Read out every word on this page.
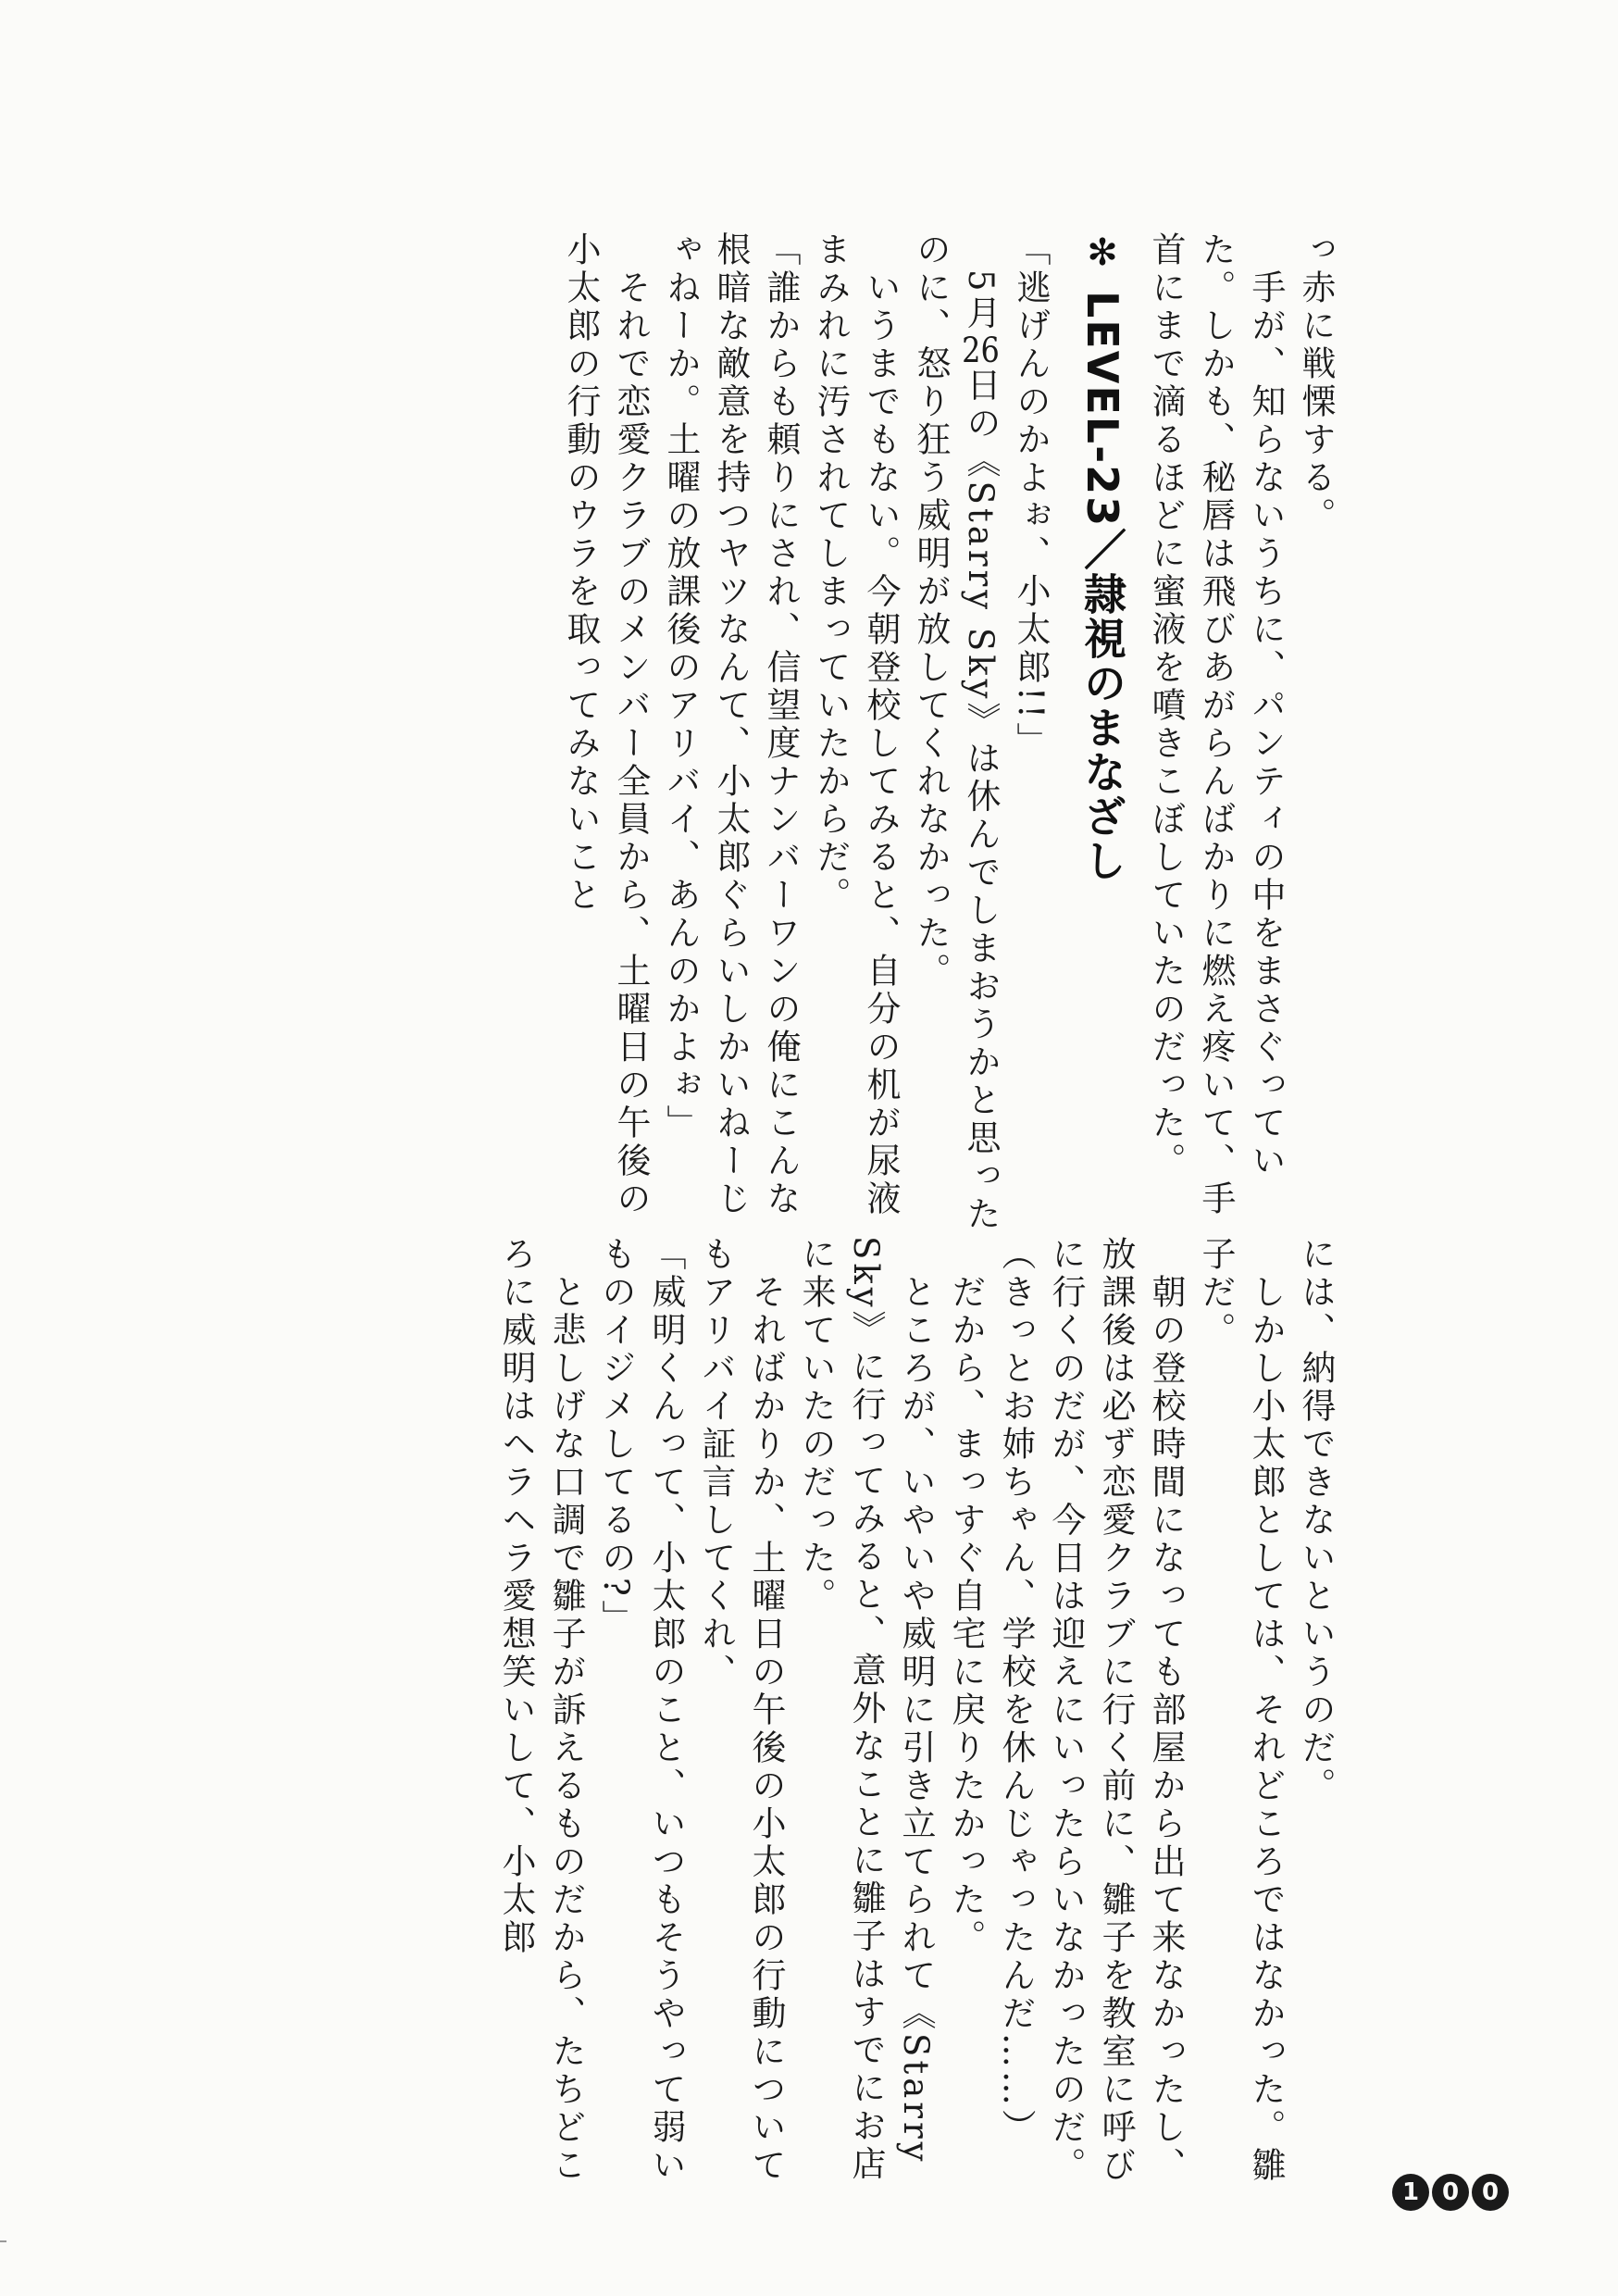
っ赤に戦慄する。

　手が、知らないうちに、パンティの中をまさぐっていた。しかも、秘唇は飛びあがらんばかりに燃え疼いて、手首にまで滴るほどに蜜液を噴きこぼしていたのだった。

✻LEVEL-23／隷視のまなざし

「逃げんのかよぉ、小太郎!!」

　5月26日の《Starry Sky》は休んでしまおうかと思ったのに、怒り狂う威明が放してくれなかった。

　いうまでもない。今朝登校してみると、自分の机が尿液まみれに汚されてしまっていたからだ。

「誰からも頼りにされ、信望度ナンバーワンの俺にこんな根暗な敵意を持つヤツなんて、小太郎ぐらいしかいねーじゃねーか。土曜の放課後のアリバイ、あんのかよぉ」

　それで恋愛クラブのメンバー全員から、土曜日の午後の小太郎の行動のウラを取ってみないこと

には、納得できないというのだ。

　しかし小太郎としては、それどころではなかった。雛子だ。

　朝の登校時間になっても部屋から出て来なかったし、放課後は必ず恋愛クラブに行く前に、雛子を教室に呼びに行くのだが、今日は迎えにいったらいなかったのだ。

（きっとお姉ちゃん、学校を休んじゃったんだ……）

　だから、まっすぐ自宅に戻りたかった。

　ところが、いやいや威明に引き立てられて《Starry Sky》に行ってみると、意外なことに雛子はすでにお店に来ていたのだった。

　そればかりか、土曜日の午後の小太郎の行動についてもアリバイ証言してくれ、

「威明くんって、小太郎のこと、いつもそうやって弱いものイジメしてるの?」

　と悲しげな口調で雛子が訴えるものだから、たちどころに威明はヘラヘラ愛想笑いして、小太郎

1 0 0
